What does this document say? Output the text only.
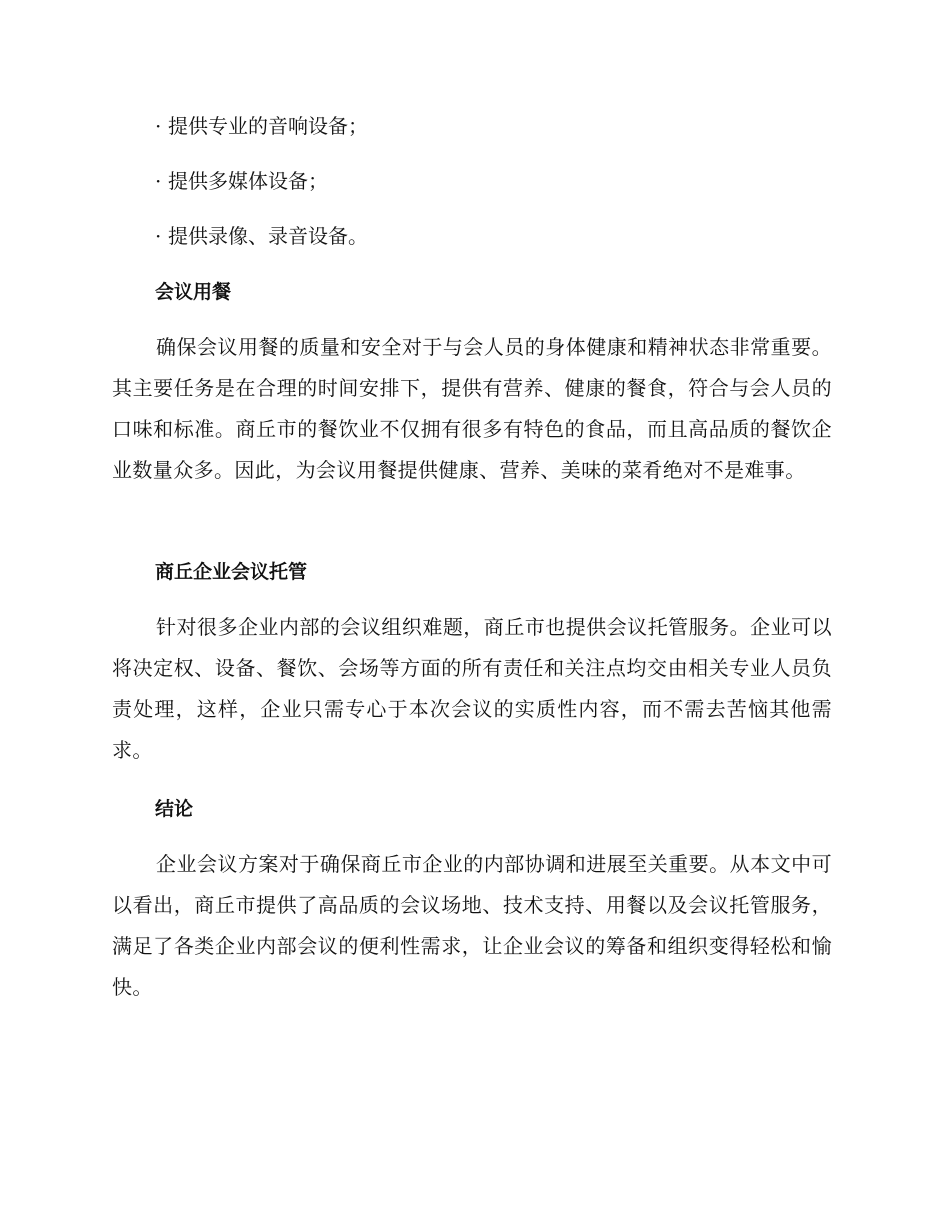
· 提供专业的音响设备；
· 提供多媒体设备；
· 提供录像、录音设备。
会议用餐

确保会议用餐的质量和安全对于与会人员的身体健康和精神状态非常重要。其主要任务是在合理的时间安排下，提供有营养、健康的餐食，符合与会人员的口味和标准。商丘市的餐饮业不仅拥有很多有特色的食品，而且高品质的餐饮企业数量众多。因此，为会议用餐提供健康、营养、美味的菜肴绝对不是难事。

商丘企业会议托管

针对很多企业内部的会议组织难题，商丘市也提供会议托管服务。企业可以将决定权、设备、餐饮、会场等方面的所有责任和关注点均交由相关专业人员负责处理，这样，企业只需专心于本次会议的实质性内容，而不需去苦恼其他需求。

结论

企业会议方案对于确保商丘市企业的内部协调和进展至关重要。从本文中可以看出，商丘市提供了高品质的会议场地、技术支持、用餐以及会议托管服务，满足了各类企业内部会议的便利性需求，让企业会议的筹备和组织变得轻松和愉快。
